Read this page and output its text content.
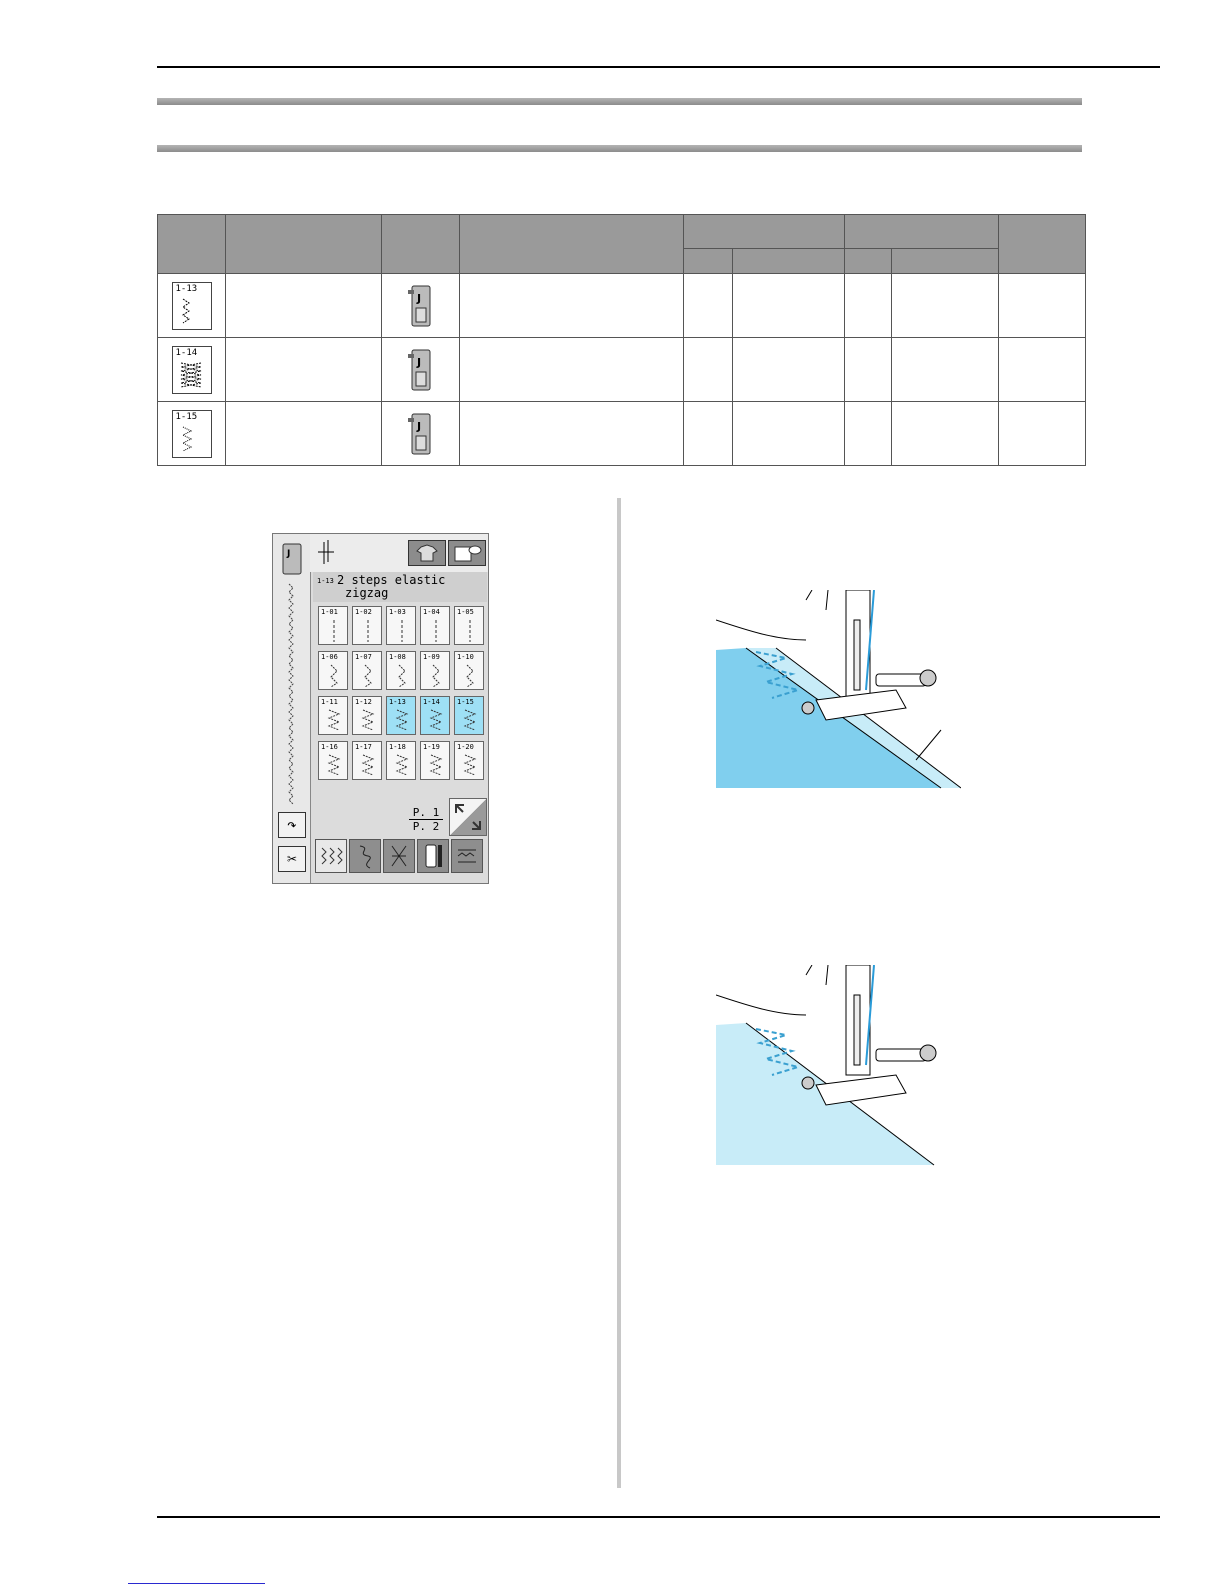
1-13		J						

1-14		J						

1-15		J						

J
↷
✂
1-13 2 steps elastic
zigzag
1-01 1-02 1-03 1-04 1-05
1-06 1-07 1-08 1-09 1-10
1-11 1-12 1-13 1-14 1-15
1-16 1-17 1-18 1-19 1-20
P. 1
P. 2
